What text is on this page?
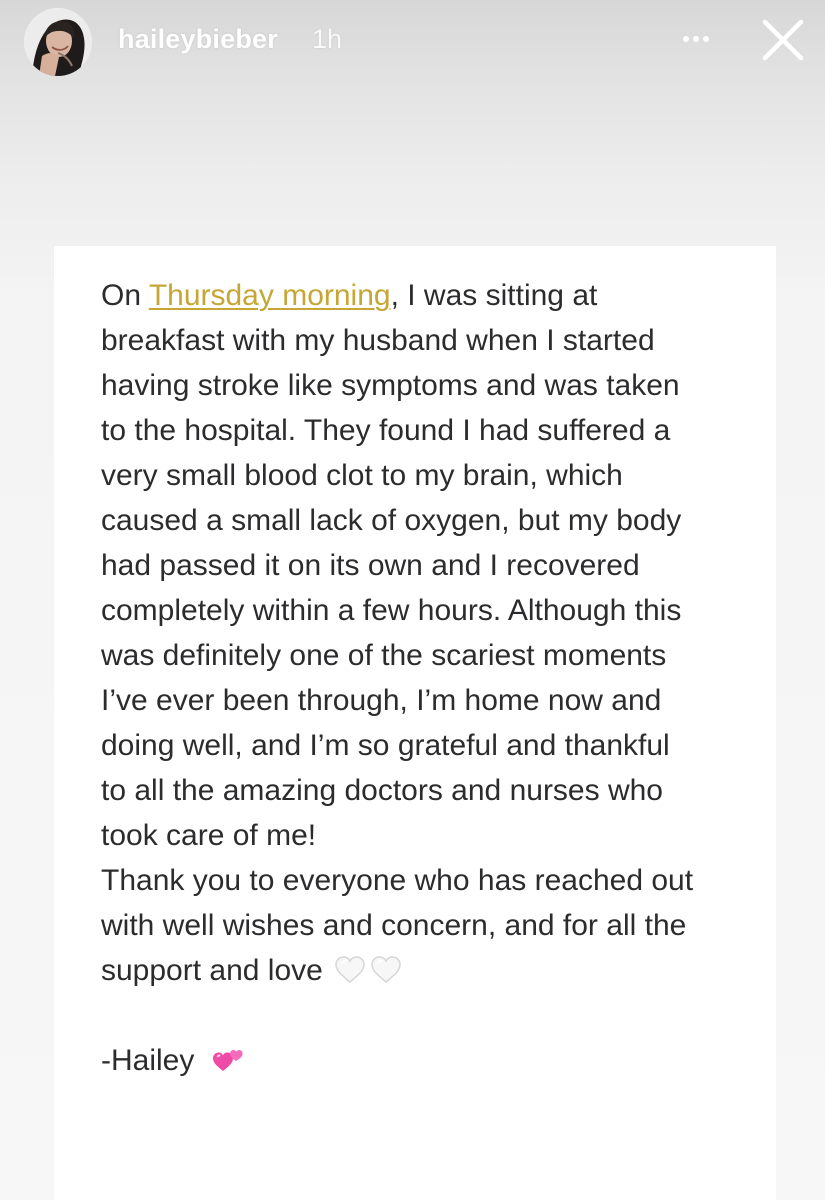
haileybieber 1h
On Thursday morning, I was sitting at
breakfast with my husband when I started
having stroke like symptoms and was taken
to the hospital. They found I had suffered a
very small blood clot to my brain, which
caused a small lack of oxygen, but my body
had passed it on its own and I recovered
completely within a few hours. Although this
was definitely one of the scariest moments
I’ve ever been through, I’m home now and
doing well, and I’m so grateful and thankful
to all the amazing doctors and nurses who
took care of me!
Thank you to everyone who has reached out
with well wishes and concern, and for all the
support and love
-Hailey
